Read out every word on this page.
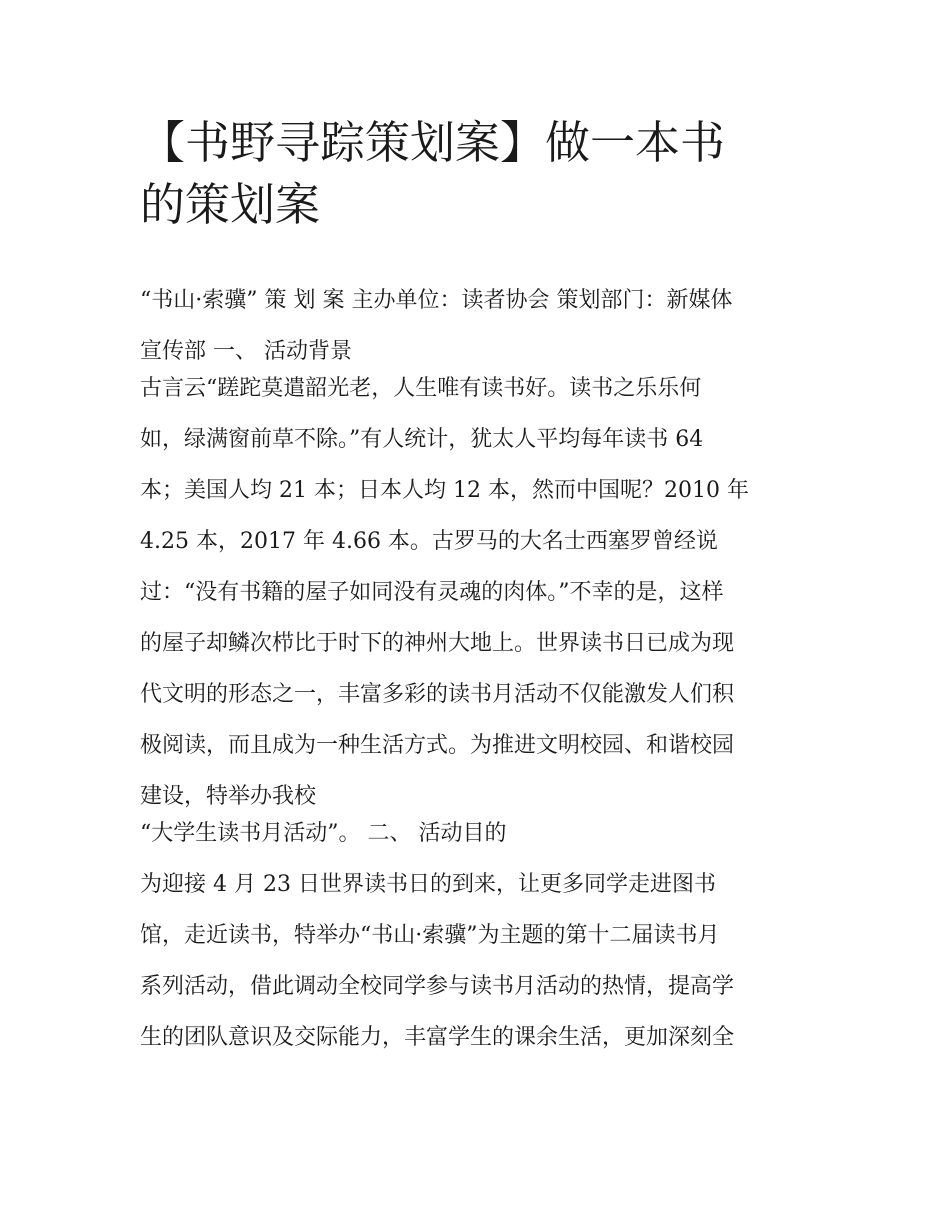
【书野寻踪策划案】做一本书
的策划案
“书山·索骥” 策 划 案 主办单位：读者协会 策划部门：新媒体
宣传部 一、 活动背景
古言云“蹉跎莫遣韶光老，人生唯有读书好。读书之乐乐何
如，绿满窗前草不除。”有人统计，犹太人平均每年读书 64
本；美国人均 21 本；日本人均 12 本，然而中国呢？2010 年
4.25 本，2017 年 4.66 本。古罗马的大名士西塞罗曾经说
过：“没有书籍的屋子如同没有灵魂的肉体。”不幸的是，这样
的屋子却鳞次栉比于时下的神州大地上。世界读书日已成为现
代文明的形态之一，丰富多彩的读书月活动不仅能激发人们积
极阅读，而且成为一种生活方式。为推进文明校园、和谐校园
建设，特举办我校
“大学生读书月活动”。 二、 活动目的
为迎接 4 月 23 日世界读书日的到来，让更多同学走进图书
馆，走近读书，特举办“书山·索骥”为主题的第十二届读书月
系列活动，借此调动全校同学参与读书月活动的热情，提高学
生的团队意识及交际能力，丰富学生的课余生活，更加深刻全
